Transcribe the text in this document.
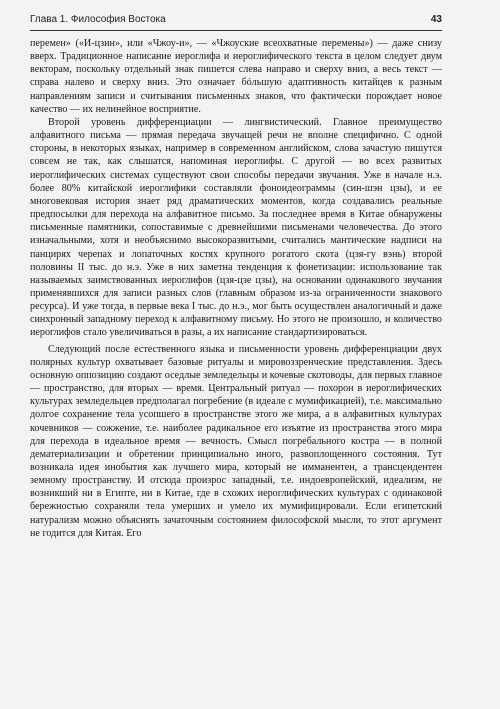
Глава 1. Философия Востока	43

перемен» («И-цзин», или «Чжоу-и», — «Чжоуские всеохватные перемены») — даже снизу вверх. Традиционное написание иероглифа и иероглифического текста в целом следует двум векторам, поскольку отдельный знак пишется слева направо и сверху вниз, а весь текст — справа налево и сверху вниз. Это означает бóльшую адаптивность китайцев к разным направлениям записи и считывания письменных знаков, что фактически порождает новое качество — их нелинейное восприятие.

Второй уровень дифференциации — лингвистический. Главное преимущество алфавитного письма — прямая передача звучащей речи не вполне специфично. С одной стороны, в некоторых языках, например в современном английском, слова зачастую пишутся совсем не так, как слышатся, напоминая иероглифы. С другой — во всех развитых иероглифических системах существуют свои способы передачи звучания. Уже в начале н.э. более 80% китайской иероглифики составляли фоноидеограммы (син-шэн цзы), и ее многовековая история знает ряд драматических моментов, когда создавались реальные предпосылки для перехода на алфавитное письмо. За последнее время в Китае обнаружены письменные памятники, сопоставимые с древнейшими письменами человечества. До этого изначальными, хотя и необъяснимо высокоразвитыми, считались мантические надписи на панцирях черепах и лопаточных костях крупного рогатого скота (цзя-гу вэнь) второй половины II тыс. до н.э. Уже в них заметна тенденция к фонетизации: использование так называемых заимствованных иероглифов (цзя-цзе цзы), на основании одинакового звучания применявшихся для записи разных слов (главным образом из-за ограниченности знакового ресурса). И уже тогда, в первые века I тыс. до н.э., мог быть осуществлен аналогичный и даже синхронный западному переход к алфавитному письму. Но этого не произошло, и количество иероглифов стало увеличиваться в разы, а их написание стандартизироваться.

Следующий после естественного языка и письменности уровень дифференциации двух полярных культур охватывает базовые ритуалы и мировоззренческие представления. Здесь основную оппозицию создают оседлые земледельцы и кочевые скотоводы, для первых главное — пространство, для вторых — время. Центральный ритуал — похорон в иероглифических культурах земледельцев предполагал погребение (в идеале с мумификацией), т.е. максимально долгое сохранение тела усопшего в пространстве этого же мира, а в алфавитных культурах кочевников — сожжение, т.е. наиболее радикальное его изъятие из пространства этого мира для перехода в идеальное время — вечность. Смысл погребального костра — в полной дематериализации и обретении принципиально иного, развоплощенного состояния. Тут возникала идея инобытия как лучшего мира, который не имманентен, а трансцендентен земному пространству. И отсюда произрос западный, т.е. индоевропейский, идеализм, не возникший ни в Египте, ни в Китае, где в схожих иероглифических культурах с одинаковой бережностью сохраняли тела умерших и умело их мумифицировали. Если египетский натурализм можно объяснять зачаточным состоянием философской мысли, то этот аргумент не годится для Китая. Его
